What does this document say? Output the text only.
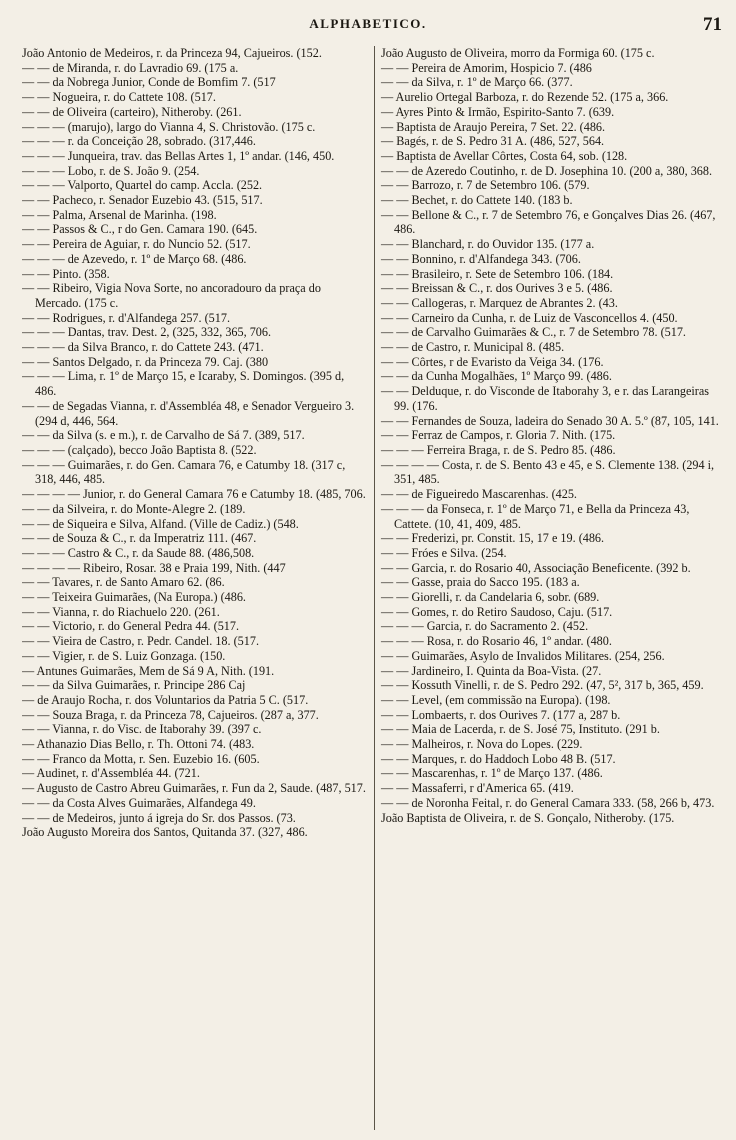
ALPHABETICO.	71

João Antonio de Medeiros, r. da Princeza 94, Cajueiros. (152.

— — de Miranda, r. do Lavradio 69. (175 a.

— — da Nobrega Junior, Conde de Bomfim 7. (517

— — Nogueira, r. do Cattete 108. (517.

— — de Oliveira (carteiro), Nitheroby. (261.

— — — (marujo), largo do Vianna 4, S. Christovão. (175 c.

— — — r. da Conceição 28, sobrado. (317,446.

— — — Junqueira, trav. das Bellas Artes 1, 1º andar. (146, 450.

— — — Lobo, r. de S. João 9. (254.

— — — Valporto, Quartel do camp. Accla. (252.

— — Pacheco, r. Senador Euzebio 43. (515, 517.

— — Palma, Arsenal de Marinha. (198.

— — Passos & C., r do Gen. Camara 190. (645.

— — Pereira de Aguiar, r. do Nuncio 52. (517.

— — — de Azevedo, r. 1º de Março 68. (486.

— — Pinto. (358.

— — Ribeiro, Vigia Nova Sorte, no ancoradouro da praça do Mercado. (175 c.

— — Rodrigues, r. d'Alfandega 257. (517.

— — — Dantas, trav. Dest. 2, (325, 332, 365, 706.

— — — da Silva Branco, r. do Cattete 243. (471.

— — Santos Delgado, r. da Princeza 79. Caj. (380

— — — Lima, r. 1º de Março 15, e Icaraby, S. Domingos. (395 d, 486.

— — de Segadas Vianna, r. d'Assembléa 48, e Senador Vergueiro 3. (294 d, 446, 564.

— — da Silva (s. e m.), r. de Carvalho de Sá 7. (389, 517.

— — — (calçado), becco João Baptista 8. (522.

— — — Guimarães, r. do Gen. Camara 76, e Catumby 18. (317 c, 318, 446, 485.

— — — — Junior, r. do General Camara 76 e Catumby 18. (485, 706.

— — da Silveira, r. do Monte-Alegre 2. (189.

— — de Siqueira e Silva, Alfand. (Ville de Cadiz.) (548.

— — de Souza & C., r. da Imperatriz 111. (467.

— — — Castro & C., r. da Saude 88. (486,508.

— — — — Ribeiro, Rosar. 38 e Praia 199, Nith. (447

— — Tavares, r. de Santo Amaro 62. (86.

— — Teixeira Guimarães, (Na Europa.) (486.

— — Vianna, r. do Riachuelo 220. (261.

— — Victorio, r. do General Pedra 44. (517.

— — Vieira de Castro, r. Pedr. Candel. 18. (517.

— — Vigier, r. de S. Luiz Gonzaga. (150.

— Antunes Guimarães, Mem de Sá 9 A, Nith. (191.

— — da Silva Guimarães, r. Principe 286 Caj

— de Araujo Rocha, r. dos Voluntarios da Patria 5 C. (517.

— — Souza Braga, r. da Princeza 78, Cajueiros. (287 a, 377.

— — Vianna, r. do Visc. de Itaborahy 39. (397 c.

— Athanazio Dias Bello, r. Th. Ottoni 74. (483.

— — Franco da Motta, r. Sen. Euzebio 16. (605.

— Audinet, r. d'Assembléa 44. (721.

— Augusto de Castro Abreu Guimarães, r. Fun da 2, Saude. (487, 517.

— — da Costa Alves Guimarães, Alfandega 49.

— — de Medeiros, junto á igreja do Sr. dos Passos. (73.

João Augusto Moreira dos Santos, Quitanda 37. (327, 486.

João Augusto de Oliveira, morro da Formiga 60. (175 c.

— — Pereira de Amorim, Hospicio 7. (486

— — da Silva, r. 1º de Março 66. (377.

— Aurelio Ortegal Barboza, r. do Rezende 52. (175 a, 366.

— Ayres Pinto & Irmão, Espirito-Santo 7. (639.

— Baptista de Araujo Pereira, 7 Set. 22. (486.

— Bagés, r. de S. Pedro 31 A. (486, 527, 564.

— Baptista de Avellar Côrtes, Costa 64, sob. (128.

— — de Azeredo Coutinho, r. de D. Josephina 10. (200 a, 380, 368.

— — Barrozo, r. 7 de Setembro 106. (579.

— — Bechet, r. do Cattete 140. (183 b.

— — Bellone & C., r. 7 de Setembro 76, e Gonçalves Dias 26. (467, 486.

— — Blanchard, r. do Ouvidor 135. (177 a.

— — Bonnino, r. d'Alfandega 343. (706.

— — Brasileiro, r. Sete de Setembro 106. (184.

— — Breissan & C., r. dos Ourives 3 e 5. (486.

— — Callogeras, r. Marquez de Abrantes 2. (43.

— — Carneiro da Cunha, r. de Luiz de Vasconcellos 4. (450.

— — de Carvalho Guimarães & C., r. 7 de Setembro 78. (517.

— — de Castro, r. Municipal 8. (485.

— — Côrtes, r de Evaristo da Veiga 34. (176.

— — da Cunha Mogalhães, 1º Março 99. (486.

— — Delduque, r. do Visconde de Itaborahy 3, e r. das Larangeiras 99. (176.

— — Fernandes de Souza, ladeira do Senado 30 A. 5.º (87, 105, 141.

— — Ferraz de Campos, r. Gloria 7. Nith. (175.

— — — Ferreira Braga, r. de S. Pedro 85. (486.

— — — — Costa, r. de S. Bento 43 e 45, e S. Clemente 138. (294 i, 351, 485.

— — de Figueiredo Mascarenhas. (425.

— — — da Fonseca, r. 1º de Março 71, e Bella da Princeza 43, Cattete. (10, 41, 409, 485.

— — Frederizi, pr. Constit. 15, 17 e 19. (486.

— — Fróes e Silva. (254.

— — Garcia, r. do Rosario 40, Associação Beneficente. (392 b.

— — Gasse, praia do Sacco 195. (183 a.

— — Giorelli, r. da Candelaria 6, sobr. (689.

— — Gomes, r. do Retiro Saudoso, Caju. (517.

— — — Garcia, r. do Sacramento 2. (452.

— — — Rosa, r. do Rosario 46, 1º andar. (480.

— — Guimarães, Asylo de Invalidos Militares. (254, 256.

— — Jardineiro, I. Quinta da Boa-Vista. (27.

— — Kossuth Vinelli, r. de S. Pedro 292. (47, 5², 317 b, 365, 459.

— — Level, (em commissão na Europa). (198.

— — Lombaerts, r. dos Ourives 7. (177 a, 287 b.

— — Maia de Lacerda, r. de S. José 75, Instituto. (291 b.

— — Malheiros, r. Nova do Lopes. (229.

— — Marques, r. do Haddoch Lobo 48 B. (517.

— — Mascarenhas, r. 1º de Março 137. (486.

— — Massaferri, r d'America 65. (419.

— — de Noronha Feital, r. do General Camara 333. (58, 266 b, 473.

João Baptista de Oliveira, r. de S. Gonçalo, Nitheroby. (175.
